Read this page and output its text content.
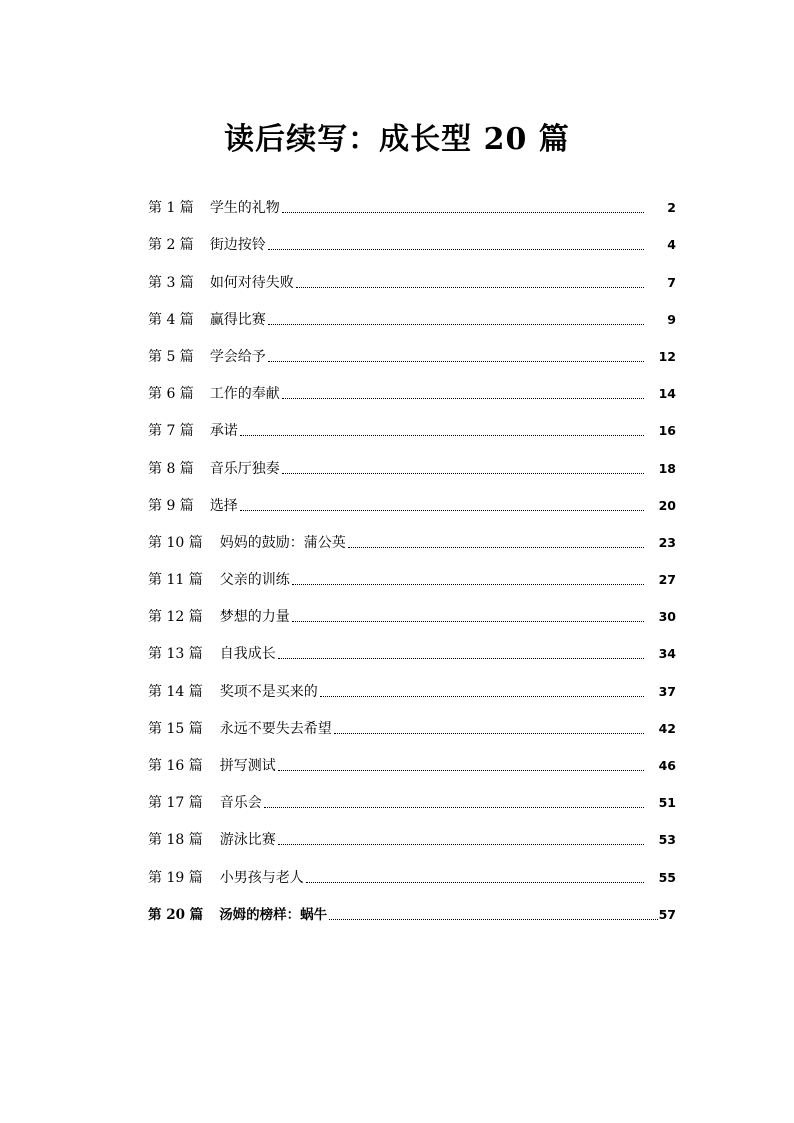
读后续写：成长型 20 篇
第 1 篇 学生的礼物	2
第 2 篇 街边按铃	4
第 3 篇 如何对待失败	7
第 4 篇 赢得比赛	9
第 5 篇 学会给予	12
第 6 篇 工作的奉献	14
第 7 篇 承诺	16
第 8 篇 音乐厅独奏	18
第 9 篇 选择	20
第 10 篇 妈妈的鼓励：蒲公英	23
第 11 篇 父亲的训练	27
第 12 篇 梦想的力量	30
第 13 篇 自我成长	34
第 14 篇 奖项不是买来的	37
第 15 篇 永远不要失去希望	42
第 16 篇 拼写测试	46
第 17 篇 音乐会	51
第 18 篇 游泳比赛	53
第 19 篇 小男孩与老人	55
第 20 篇 汤姆的榜样：蜗牛	57
